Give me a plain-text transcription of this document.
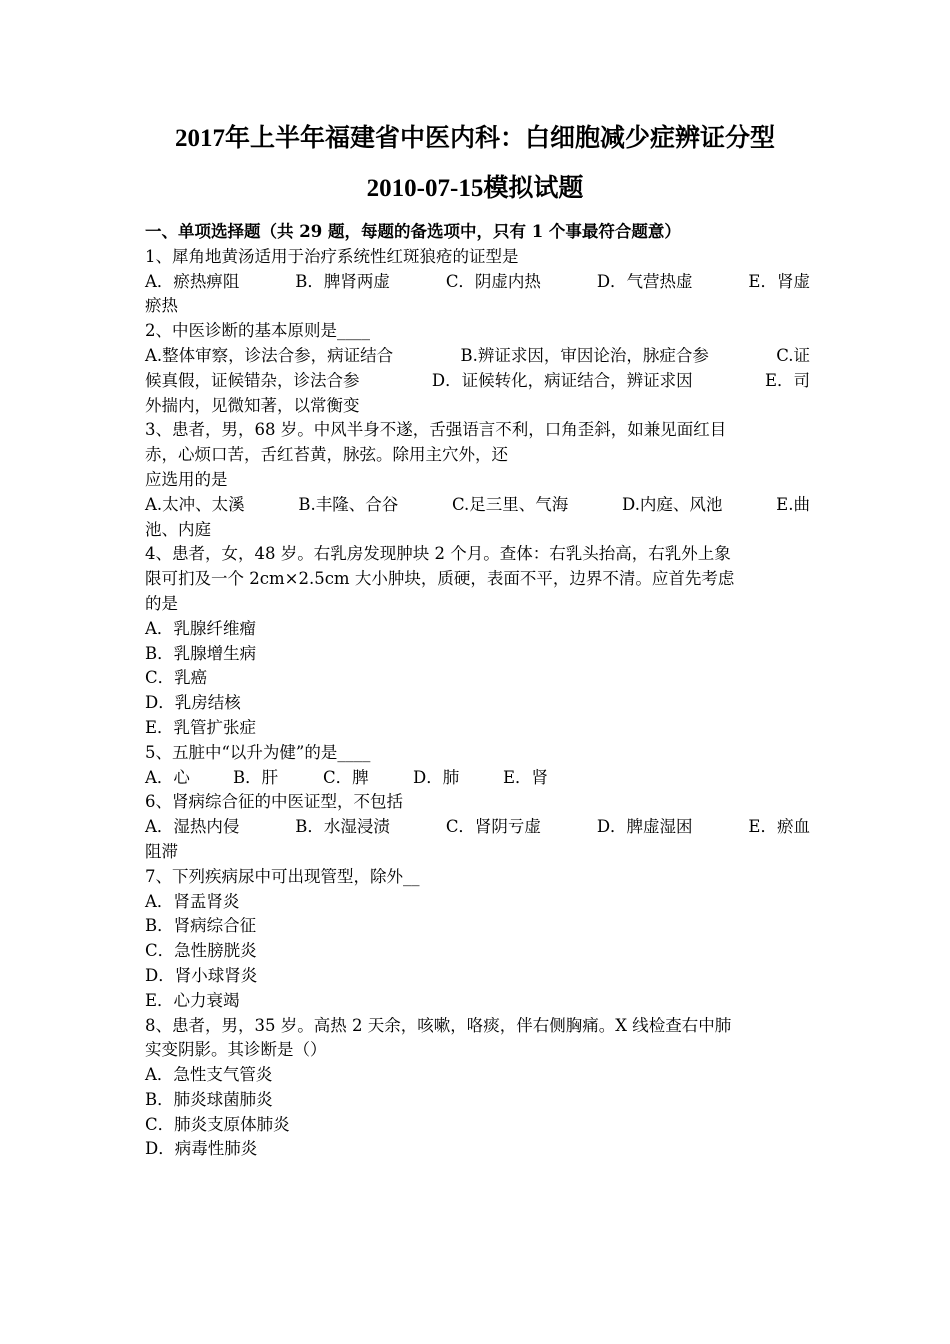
2017年上半年福建省中医内科：白细胞减少症辨证分型
2010-07-15模拟试题
一、单项选择题（共 29 题，每题的备选项中，只有 1 个事最符合题意）
1、犀角地黄汤适用于治疗系统性红斑狼疮的证型是
A．瘀热痹阻	B．脾肾两虚	C．阴虚内热	D．气营热虚	E．肾虚
瘀热
2、中医诊断的基本原则是____
A.整体审察，诊法合参，病证结合	B.辨证求因，审因论治，脉症合参	C.证
候真假，证候错杂，诊法合参	D．证候转化，病证结合，辨证求因	E．司
外揣内，见微知著，以常衡变
3、患者，男，68 岁。中风半身不遂，舌强语言不利，口角歪斜，如兼见面红目
赤，心烦口苦，舌红苔黄，脉弦。除用主穴外，还
应选用的是
A.太冲、太溪	B.丰隆、合谷	C.足三里、气海	D.内庭、风池	E.曲
池、内庭
4、患者，女，48 岁。右乳房发现肿块 2 个月。查体：右乳头抬高，右乳外上象
限可扪及一个 2cm×2.5cm 大小肿块，质硬，表面不平，边界不清。应首先考虑
的是
A．乳腺纤维瘤
B．乳腺增生病
C．乳癌
D．乳房结核
E．乳管扩张症
5、五脏中“以升为健”的是____
A．心	B．肝	C．脾	D．肺	E．肾
6、肾病综合征的中医证型，不包括
A．湿热内侵	B．水湿浸渍	C．肾阴亏虚	D．脾虚湿困	E．瘀血
阻滞
7、下列疾病尿中可出现管型，除外__
A．肾盂肾炎
B．肾病综合征
C．急性膀胱炎
D．肾小球肾炎
E．心力衰竭
8、患者，男，35 岁。高热 2 天余，咳嗽，咯痰，伴右侧胸痛。X 线检查右中肺
实变阴影。其诊断是（）
A．急性支气管炎
B．肺炎球菌肺炎
C．肺炎支原体肺炎
D．病毒性肺炎
